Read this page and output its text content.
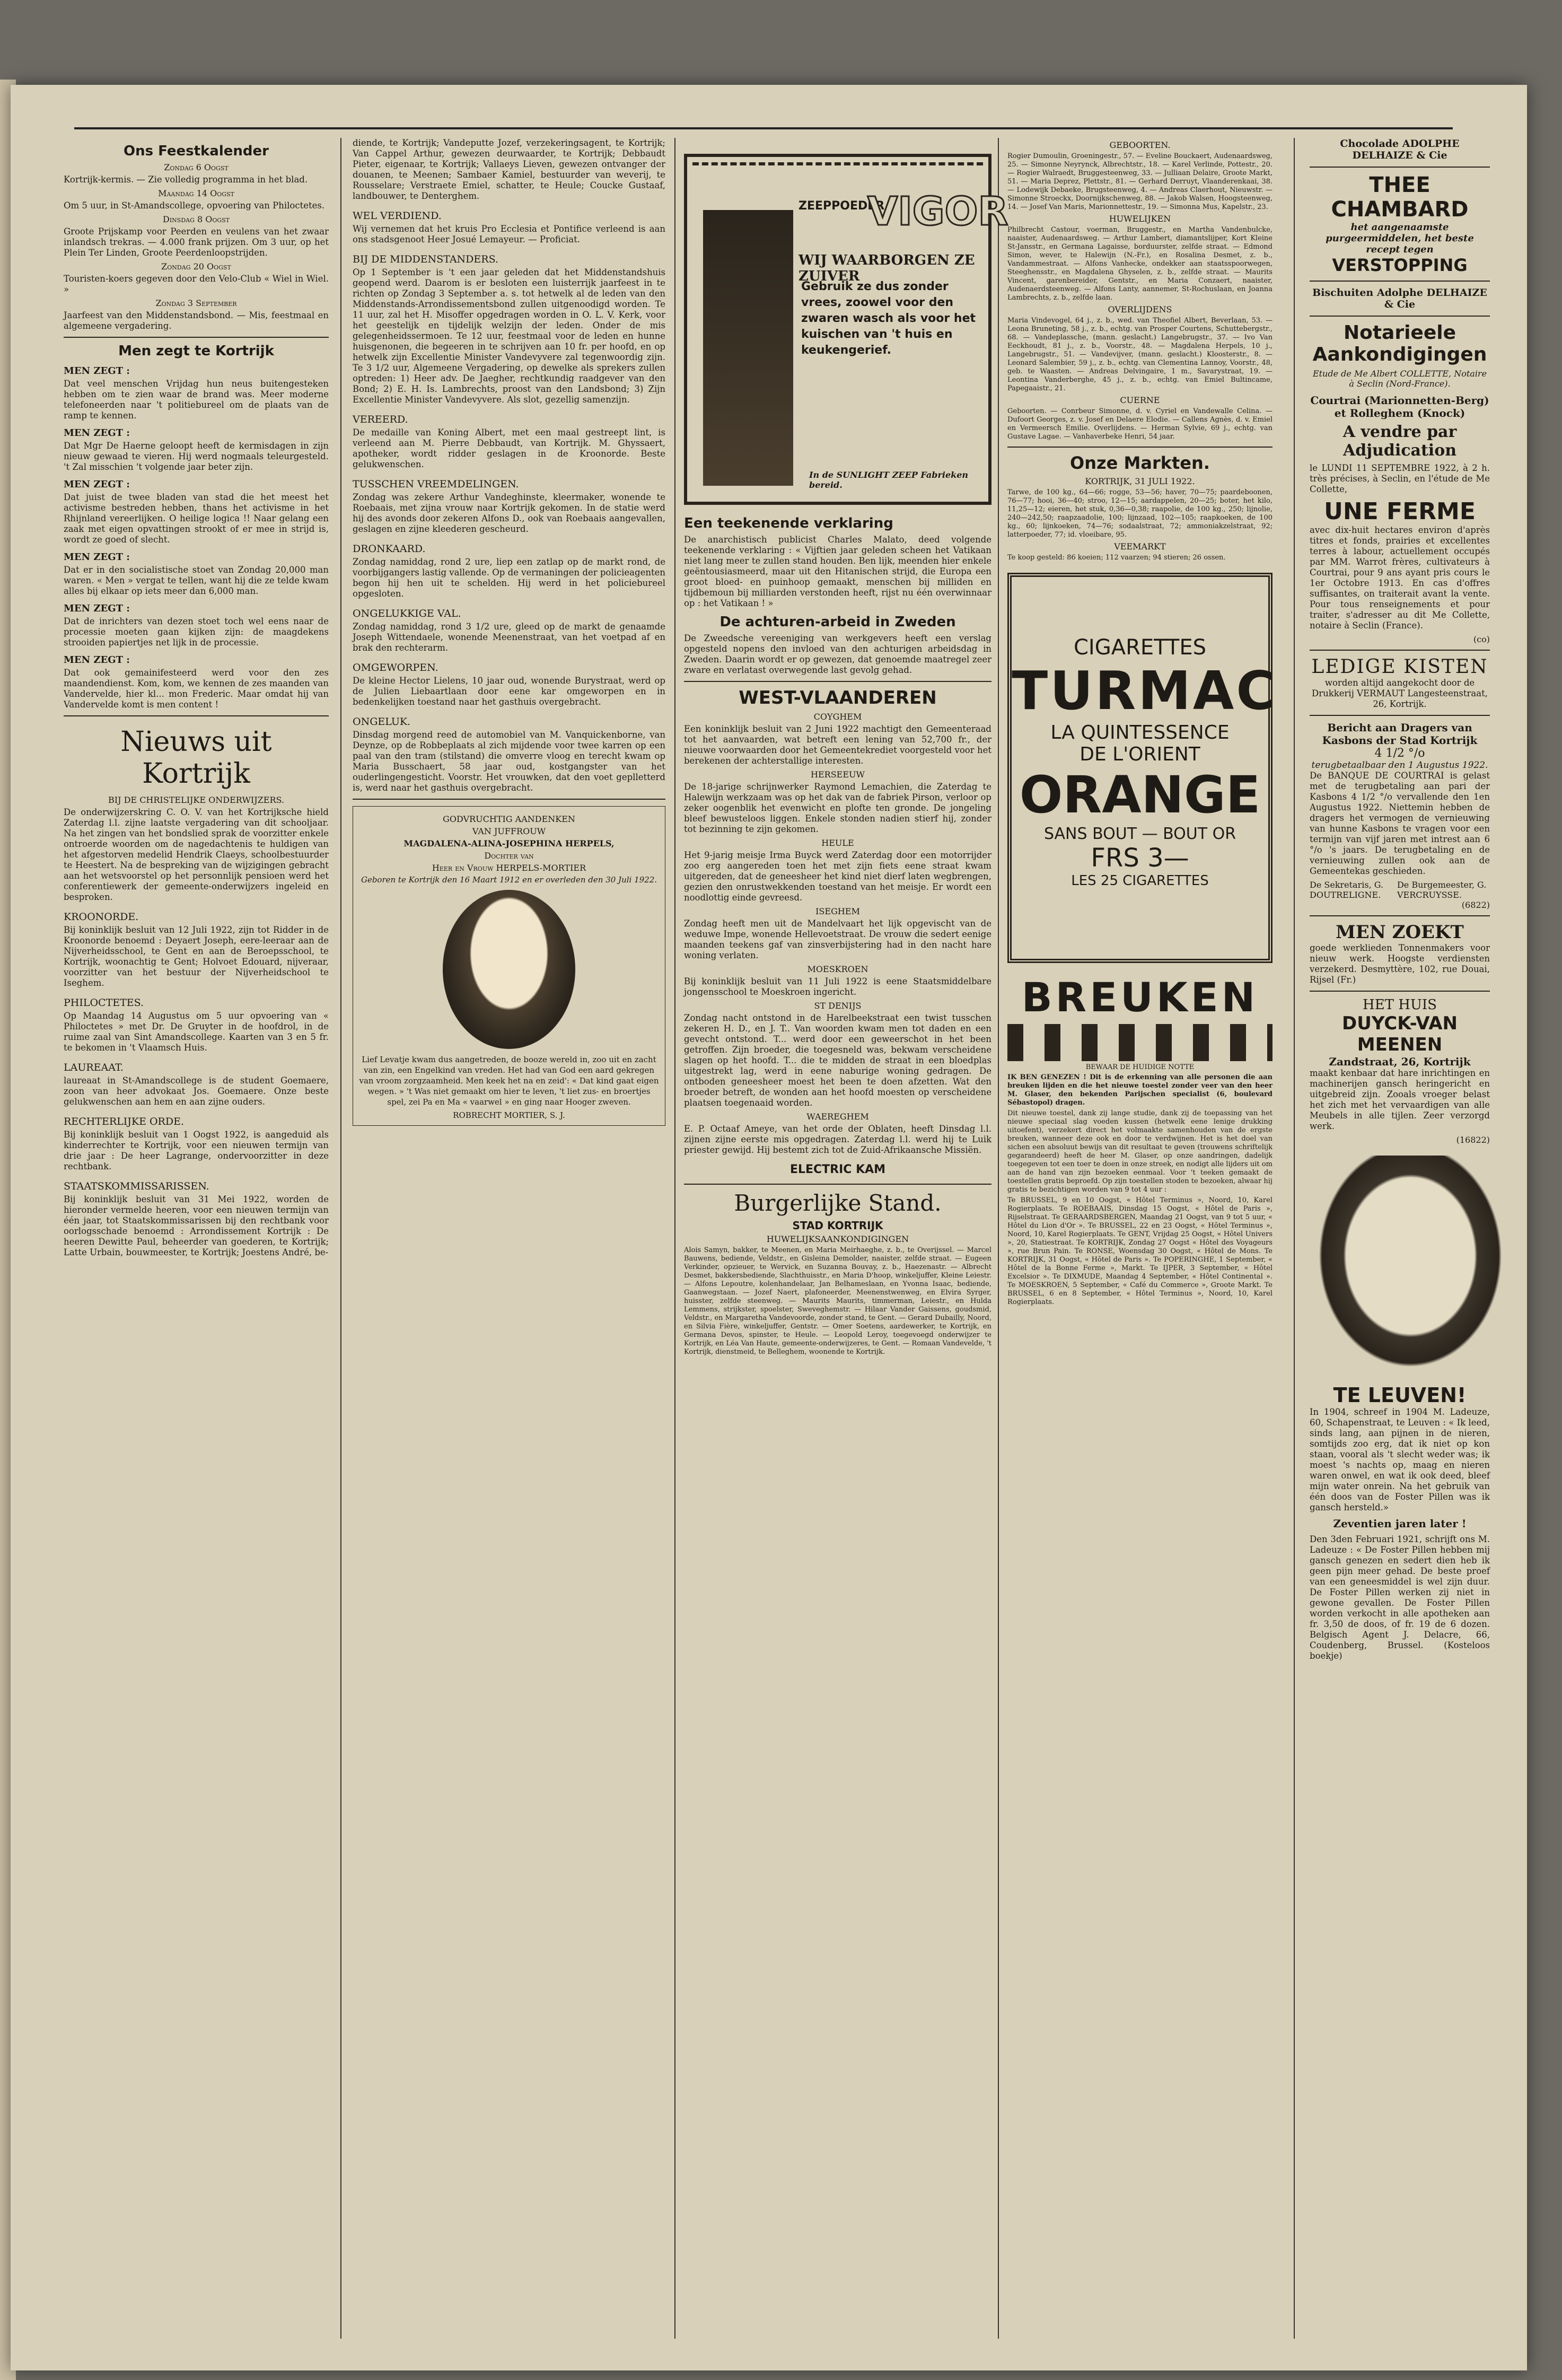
Ons Feestkalender
Zondag 6 Oogst

Kortrijk-kermis. — Zie volledig programma in het blad.

Maandag 14 Oogst

Om 5 uur, in St-Amandscollege, opvoering van Philoctetes.

Dinsdag 8 Oogst

Groote Prijskamp voor Peerden en veulens van het zwaar inlandsch trekras. — 4.000 frank prijzen. Om 3 uur, op het Plein Ter Linden, Groote Peerdenloopstrijden.

Zondag 20 Oogst

Touristen-koers gegeven door den Velo-Club « Wiel in Wiel. »

Zondag 3 September

Jaarfeest van den Middenstandsbond. — Mis, feestmaal en algemeene vergadering.

Men zegt te Kortrijk
MEN ZEGT :

Dat veel menschen Vrijdag hun neus buitengesteken hebben om te zien waar de brand was. Meer moderne telefoneerden naar 't politiebureel om de plaats van de ramp te kennen.

MEN ZEGT :

Dat Mgr De Haerne geloopt heeft de kermisdagen in zijn nieuw gewaad te vieren. Hij werd nogmaals teleurgesteld. 't Zal misschien 't volgende jaar beter zijn.

MEN ZEGT :

Dat juist de twee bladen van stad die het meest het activisme bestreden hebben, thans het activisme in het Rhijnland vereerlijken. O heilige logica !! Naar gelang een zaak met eigen opvattingen strookt of er mee in strijd is, wordt ze goed of slecht.

MEN ZEGT :

Dat er in den socialistische stoet van Zondag 20,000 man waren. « Men » vergat te tellen, want hij die ze telde kwam alles bij elkaar op iets meer dan 6,000 man.

MEN ZEGT :

Dat de inrichters van dezen stoet toch wel eens naar de processie moeten gaan kijken zijn: de maagdekens strooiden papiertjes net lijk in de processie.

MEN ZEGT :

Dat ook gemainifesteerd werd voor den zes maandendienst. Kom, kom, we kennen de zes maanden van Vandervelde, hier kl... mon Frederic. Maar omdat hij van Vandervelde komt is men content !

Nieuws uit Kortrijk
BIJ DE CHRISTELIJKE ONDERWIJZERS.

De onderwijzerskring C. O. V. van het Kortrijksche hield Zaterdag l.l. zijne laatste vergadering van dit schooljaar. Na het zingen van het bondslied sprak de voorzitter enkele ontroerde woorden om de nagedachtenis te huldigen van het afgestorven medelid Hendrik Claeys, schoolbestuurder te Heestert. Na de bespreking van de wijzigingen gebracht aan het wetsvoorstel op het personnlijk pensioen werd het conferentiewerk der gemeente-onderwijzers ingeleid en besproken.

KROONORDE.

Bij koninklijk besluit van 12 Juli 1922, zijn tot Ridder in de Kroonorde benoemd : Deyaert Joseph, eere-leeraar aan de Nijverheidsschool, te Gent en aan de Beroepsschool, te Kortrijk, woonachtig te Gent; Holvoet Edouard, nijveraar, voorzitter van het bestuur der Nijverheidschool te Iseghem.

PHILOCTETES.

Op Maandag 14 Augustus om 5 uur opvoering van « Philoctetes » met Dr. De Gruyter in de hoofdrol, in de ruime zaal van Sint Amandscollege. Kaarten van 3 en 5 fr. te bekomen in 't Vlaamsch Huis.

LAUREAAT.

laureaat in St-Amandscollege is de student Goemaere, zoon van heer advokaat Jos. Goemaere. Onze beste gelukwenschen aan hem en aan zijne ouders.

RECHTERLIJKE ORDE.

Bij koninklijk besluit van 1 Oogst 1922, is aangeduid als kinderrechter te Kortrijk, voor een nieuwen termijn van drie jaar : De heer Lagrange, ondervoorzitter in deze rechtbank.

STAATSKOMMISSARISSEN.

Bij koninklijk besluit van 31 Mei 1922, worden de hieronder vermelde heeren, voor een nieuwen termijn van één jaar, tot Staatskommissarissen bij den rechtbank voor oorlogsschade benoemd : Arrondissement Kortrijk : De heeren Dewitte Paul, beheerder van goederen, te Kortrijk; Latte Urbain, bouwmeester, te Kortrijk; Joestens André, be-

diende, te Kortrijk; Vandeputte Jozef, verzekeringsagent, te Kortrijk; Van Cappel Arthur, gewezen deurwaarder, te Kortrijk; Debbaudt Pieter, eigenaar, te Kortrijk; Vallaeys Lieven, gewezen ontvanger der douanen, te Meenen; Sambaer Kamiel, bestuurder van weverij, te Rousselare; Verstraete Emiel, schatter, te Heule; Coucke Gustaaf, landbouwer, te Denterghem.

WEL VERDIEND.

Wij vernemen dat het kruis Pro Ecclesia et Pontifice verleend is aan ons stadsgenoot Heer Josué Lemayeur. — Proficiat.

BIJ DE MIDDENSTANDERS.

Op 1 September is 't een jaar geleden dat het Middenstandshuis geopend werd. Daarom is er besloten een luisterrijk jaarfeest in te richten op Zondag 3 September a. s. tot hetwelk al de leden van den Middenstands-Arrondissementsbond zullen uitgenoodigd worden. Te 11 uur, zal het H. Misoffer opgedragen worden in O. L. V. Kerk, voor het geestelijk en tijdelijk welzijn der leden. Onder de mis gelegenheidssermoen. Te 12 uur, feestmaal voor de leden en hunne huisgenonen, die begeeren in te schrijven aan 10 fr. per hoofd, en op hetwelk zijn Excellentie Minister Vandevyvere zal tegenwoordig zijn. Te 3 1/2 uur, Algemeene Vergadering, op dewelke als sprekers zullen optreden: 1) Heer adv. De Jaegher, rechtkundig raadgever van den Bond; 2) E. H. Is. Lambrechts, proost van den Landsbond; 3) Zijn Excellentie Minister Vandevyvere. Als slot, gezellig samenzijn.

VEREERD.

De medaille van Koning Albert, met een maal gestreept lint, is verleend aan M. Pierre Debbaudt, van Kortrijk. M. Ghyssaert, apotheker, wordt ridder geslagen in de Kroonorde. Beste gelukwenschen.

TUSSCHEN VREEMDELINGEN.

Zondag was zekere Arthur Vandeghinste, kleermaker, wonende te Roebaais, met zijna vrouw naar Kortrijk gekomen. In de statie werd hij des avonds door zekeren Alfons D., ook van Roebaais aangevallen, geslagen en zijne kleederen gescheurd.

DRONKAARD.

Zondag namiddag, rond 2 ure, liep een zatlap op de markt rond, de voorbijgangers lastig vallende. Op de vermaningen der policieagenten begon hij hen uit te schelden. Hij werd in het policiebureel opgesloten.

ONGELUKKIGE VAL.

Zondag namiddag, rond 3 1/2 ure, gleed op de markt de genaamde Joseph Wittendaele, wonende Meenenstraat, van het voetpad af en brak den rechterarm.

OMGEWORPEN.

De kleine Hector Lielens, 10 jaar oud, wonende Burystraat, werd op de Julien Liebaartlaan door eene kar omgeworpen en in bedenkelijken toestand naar het gasthuis overgebracht.

ONGELUK.

Dinsdag morgend reed de automobiel van M. Vanquickenborne, van Deynze, op de Robbeplaats al zich mijdende voor twee karren op een paal van den tram (stilstand) die omverre vloog en terecht kwam op Maria Busschaert, 58 jaar oud, kostgangster van het ouderlingengesticht. Voorstr. Het vrouwken, dat den voet geplletterd is, werd naar het gasthuis overgebracht.

GODVRUCHTIG AANDENKEN
VAN JUFFROUW
MAGDALENA-ALINA-JOSEPHINA HERPELS,
Dochter van
Heer en Vrouw HERPELS-MORTIER
Geboren te Kortrijk den 16 Maart 1912 en er overleden den 30 Juli 1922.

Lief Levatje kwam dus aangetreden, de booze wereld in, zoo uit en zacht van zin, een Engelkind van vreden. Het had van God een aard gekregen van vroom zorgzaamheid. Men keek het na en zeid': « Dat kind gaat eigen wegen. » 't Was niet gemaakt om hier te leven, 't liet zus- en broertjes spel, zei Pa en Ma « vaarwel » en ging naar Hooger zweven.

ROBRECHT MORTIER, S. J.
ZEEPPOEDER
VIGOR
WIJ WAARBORGEN ZE ZUIVER
Gebruik ze dus zonder vrees, zoowel voor den zwaren wasch als voor het kuischen van 't huis en keukengerief.
In de SUNLIGHT ZEEP Fabrieken bereid.
Een teekenende verklaring

De anarchistisch publicist Charles Malato, deed volgende teekenende verklaring : « Vijftien jaar geleden scheen het Vatikaan niet lang meer te zullen stand houden. Ben lijk, meenden hier enkele geëntousiasmeerd, maar uit den Hitanischen strijd, die Europa een groot bloed- en puinhoop gemaakt, menschen bij milliden en tijdbemoun bij milliarden verstonden heeft, rijst nu één overwinnaar op : het Vatikaan ! »

De achturen-arbeid in Zweden

De Zweedsche vereeniging van werkgevers heeft een verslag opgesteld nopens den invloed van den achturigen arbeidsdag in Zweden. Daarin wordt er op gewezen, dat genoemde maatregel zeer zware en verlatast overwegende last gevolg gehad.

WEST-VLAANDEREN
COYGHEM

Een koninklijk besluit van 2 Juni 1922 machtigt den Gemeenteraad tot het aanvaarden, wat betreft een lening van 52,700 fr., der nieuwe voorwaarden door het Gemeentekrediet voorgesteld voor het berekenen der achterstallige interesten.

HERSEEUW

De 18-jarige schrijnwerker Raymond Lemachien, die Zaterdag te Halewijn werkzaam was op het dak van de fabriek Pirson, verloor op zeker oogenblik het evenwicht en plofte ten gronde. De jongeling bleef bewusteloos liggen. Enkele stonden nadien stierf hij, zonder tot bezinning te zijn gekomen.

HEULE

Het 9-jarig meisje Irma Buyck werd Zaterdag door een motorrijder zoo erg aangereden toen het met zijn fiets eene straat kwam uitgereden, dat de geneesheer het kind niet dierf laten wegbrengen, gezien den onrustwekkenden toestand van het meisje. Er wordt een noodlottig einde gevreesd.

ISEGHEM

Zondag heeft men uit de Mandelvaart het lijk opgevischt van de weduwe Impe, wonende Hellevoetstraat. De vrouw die sedert eenige maanden teekens gaf van zinsverbijstering had in den nacht hare woning verlaten.

MOESKROEN

Bij koninklijk besluit van 11 Juli 1922 is eene Staatsmiddelbare jongensschool te Moeskroen ingericht.

ST DENIJS

Zondag nacht ontstond in de Harelbeekstraat een twist tusschen zekeren H. D., en J. T.. Van woorden kwam men tot daden en een gevecht ontstond. T... werd door een geweerschot in het been getroffen. Zijn broeder, die toegesneld was, bekwam verscheidene slagen op het hoofd. T... die te midden de straat in een bloedplas uitgestrekt lag, werd in eene naburige woning gedragen. De ontboden geneesheer moest het been te doen afzetten. Wat den broeder betreft, de wonden aan het hoofd moesten op verscheidene plaatsen toegenaaid worden.

WAEREGHEM

E. P. Octaaf Ameye, van het orde der Oblaten, heeft Dinsdag l.l. zijnen zijne eerste mis opgedragen. Zaterdag l.l. werd hij te Luik priester gewijd. Hij bestemt zich tot de Zuid-Afrikaansche Missiën.

ELECTRIC KAM
Burgerlijke Stand.
STAD KORTRIJK
HUWELIJKSAANKONDIGINGEN

Alois Samyn, bakker, te Meenen, en Maria Meirhaeghe, z. b., te Overijssel. — Marcel Bauwens, bediende, Veldstr., en Gisleina Demolder, naaister, zelfde straat. — Eugeen Verkinder, opzieuer, te Wervick, en Suzanna Bouvay, z. b., Haezenastr. — Albrecht Desmet, bakkersbediende, Slachthuisstr., en Maria D'hoop, winkeljuffer, Kleine Leiestr. — Alfons Lepoutre, kolenhandelaar, Jan Belhameslaan, en Yvonna Isaac, bediende, Gaanwegstaan. — Jozef Naert, plafoneerder, Meenenstwenweg, en Elvira Syrger, huisster, zelfde steenweg. — Maurits Maurits, timmerman, Leiestr., en Hulda Lemmens, strijkster, spoelster, Sweveghemstr. — Hilaar Vander Gaissens, goudsmid, Veldstr., en Margaretha Vandevoorde, zonder stand, te Gent. — Gerard Dubailly, Noord, en Silvia Fière, winkeljuffer, Gentstr. — Omer Soetens, aardewerker, te Kortrijk, en Germana Devos, spinster, te Heule. — Leopold Leroy, toegevoegd onderwijzer te Kortrijk, en Léa Van Haute, gemeente-onderwijzeres, te Gent. — Romaan Vandevelde, 't Kortrijk, dienstmeid, te Belleghem, woonende te Kortrijk.

GEBOORTEN.

Rogier Dumoulin, Groeningestr., 57. — Eveline Bouckaert, Audenaardsweg, 25. — Simonne Neyrynck, Albrechtstr., 18. — Karel Verlinde, Pottestr., 20. — Rogier Walraedt, Bruggesteenweg, 33. — Julliaan Delaire, Groote Markt, 51. — Maria Deprez, Plettstr., 81. — Gerhard Derruyt, Vlaanderenkaai, 38. — Lodewijk Debaeke, Brugsteenweg, 4. — Andreas Claerhout, Nieuwstr. — Simonne Stroeckx, Doornijkschenweg, 88. — Jakob Walsen, Hoogsteenweg, 14. — Josef Van Maris, Marionnettestr., 19. — Simonna Mus, Kapelstr., 23.

HUWELIJKEN

Philbrecht Castour, voerman, Bruggestr., en Martha Vandenbulcke, naaister, Audenaardsweg. — Arthur Lambert, diamantslijper, Kort Kleine St-Jansstr., en Germana Lagaisse, borduurster, zelfde straat. — Edmond Simon, wever, te Halewijn (N.-Fr.), en Rosalina Desmet, z. b., Vandammestraat. — Alfons Vanhecke, ondekker aan staatsspoorwegen, Steeghensstr., en Magdalena Ghyselen, z. b., zelfde straat. — Maurits Vincent, garenbereider, Gentstr., en Maria Conzaert, naaister, Audenaerdsteenweg. — Alfons Lanty, aannemer, St-Rochuslaan, en Joanna Lambrechts, z. b., zelfde laan.

OVERLIJDENS

Maria Vindevogel, 64 j., z. b., wed. van Theofiel Albert, Beverlaan, 53. — Leona Bruneting, 58 j., z. b., echtg. van Prosper Courtens, Schuttebergstr., 68. — Vandeplassche, (mann. geslacht.) Langebrugstr., 37. — Ivo Van Eeckhoudt, 81 j., z. b., Voorstr., 48. — Magdalena Herpels, 10 j., Langebrugstr., 51. — Vandevijver, (mann. geslacht.) Kloosterstr., 8. — Leonard Salembier, 59 j., z. b., echtg. van Clementina Lannoy, Voorstr., 48, geb. te Waasten. — Andreas Delvingaire, 1 m., Savarystraat, 19. — Leontina Vanderberghe, 45 j., z. b., echtg. van Emiel Bultincame, Papegaaistr., 21.

CUERNE

Geboorten. — Conrbeur Simonne, d. v. Cyriel en Vandewalle Celina. — Dufoort Georges, z. v. Josef en Delaere Elodie. — Callens Agnès, d. v. Emiel en Vermeersch Emilie. Overlijdens. — Herman Sylvie, 69 j., echtg. van Gustave Lagae. — Vanhaverbeke Henri, 54 jaar.

Onze Markten.
KORTRIJK, 31 JULI 1922.

Tarwe, de 100 kg., 64—66; rogge, 53—56; haver, 70—75; paardeboonen, 76—77; hooi, 36—40; stroo, 12—15; aardappelen, 20—25; boter, het kilo, 11,25—12; eieren, het stuk, 0,36—0,38; raapolie, de 100 kg., 250; lijnolie, 240—242,50; raapzaadolie, 100; lijnzaad, 102—105; raapkoeken, de 100 kg., 60; lijnkoeken, 74—76; sodaalstraat, 72; ammoniakzelstraat, 92; latterpoeder, 77; id. vloeibare, 95.

VEEMARKT

Te koop gesteld: 86 koeien; 112 vaarzen; 94 stieren; 26 ossen.

CIGARETTES
TURMAC
LA QUINTESSENCE
DE L'ORIENT
ORANGE
SANS BOUT — BOUT OR
FRS 3—
LES 25 CIGARETTES
BREUKEN
BEWAAR DE HUIDIGE NOTTE

IK BEN GENEZEN ! Dit is de erkenning van alle personen die aan breuken lijden en die het nieuwe toestel zonder veer van den heer M. Glaser, den bekenden Parijschen specialist (6, boulevard Sébastopol) dragen.

Dit nieuwe toestel, dank zij lange studie, dank zij de toepassing van het nieuwe speciaal slag voeden kussen (hetwelk eene lenige drukking uitoefent), verzekert direct het volmaakte samenhouden van de ergste breuken, wanneer deze ook en door te verdwijnen. Het is het doel van sichen een absoluut bewijs van dit resultaat te geven (trouwens schriftelijk gegarandeerd) heeft de heer M. Glaser, op onze aandringen, dadelijk toegegeven tot een toer te doen in onze streek, en nodigt alle lijders uit om aan de hand van zijn bezoeken eenmaal. Voor 't teeken gemaakt de toestellen gratis beproefd. Op zijn toestellen stoden te bezoeken, alwaar hij gratis te bezichtigen worden van 9 tot 4 uur :

Te BRUSSEL, 9 en 10 Oogst, « Hôtel Terminus », Noord, 10, Karel Rogierplaats. Te ROEBAAIS, Dinsdag 15 Oogst, « Hôtel de Paris », Rijselstraat. Te GERAARDSBERGEN, Maandag 21 Oogst, van 9 tot 5 uur, « Hôtel du Lion d'Or ». Te BRUSSEL, 22 en 23 Oogst, « Hôtel Terminus », Noord, 10, Karel Rogierplaats. Te GENT, Vrijdag 25 Oogst, « Hôtel Univers », 20, Statiestraat. Te KORTRIJK, Zondag 27 Oogst « Hôtel des Voyageurs », rue Brun Pain. Te RONSE, Woensdag 30 Oogst, « Hôtel de Mons. Te KORTRIJK, 31 Oogst, « Hôtel de Paris ». Te POPERINGHE, 1 September, « Hôtel de la Bonne Ferme », Markt. Te IJPER, 3 September, « Hôtel Excelsior ». Te DIXMUDE, Maandag 4 September, « Hôtel Continental ». Te MOESKROEN, 5 September, « Café du Commerce », Groote Markt. Te BRUSSEL, 6 en 8 September, « Hôtel Terminus », Noord, 10, Karel Rogierplaats.

Chocolade ADOLPHE DELHAIZE & Cie
THEE CHAMBARD
het aangenaamste purgeermiddelen, het beste recept tegen
VERSTOPPING
Bischuiten Adolphe DELHAIZE & Cie
Notarieele Aankondigingen
Etude de Me Albert COLLETTE, Notaire à Seclin (Nord-France).
Courtrai (Marionnetten-Berg) et Rolleghem (Knock)
A vendre par Adjudication

le LUNDI 11 SEPTEMBRE 1922, à 2 h. très précises, à Seclin, en l'étude de Me Collette,

UNE FERME

avec dix-huit hectares environ d'après titres et fonds, prairies et excellentes terres à labour, actuellement occupés par MM. Warrot frères, cultivateurs à Courtrai, pour 9 ans ayant pris cours le 1er Octobre 1913. En cas d'offres suffisantes, on traiterait avant la vente. Pour tous renseignements et pour traiter, s'adresser au dit Me Collette, notaire à Seclin (France).

(co)
LEDIGE KISTEN

worden altijd aangekocht door de Drukkerij VERMAUT Langesteenstraat, 26, Kortrijk.

Bericht aan Dragers van Kasbons der Stad Kortrijk
4 1/2 °/o
terugbetaalbaar den 1 Augustus 1922.

De BANQUE DE COURTRAI is gelast met de terugbetaling aan pari der Kasbons 4 1/2 °/o vervallende den 1en Augustus 1922. Niettemin hebben de dragers het vermogen de vernieuwing van hunne Kasbons te vragen voor een termijn van vijf jaren met intrest aan 6 °/o 's jaars. De terugbetaling en de vernieuwing zullen ook aan de Gemeentekas geschieden.

De Sekretaris, G. DOUTRELIGNE.
De Burgemeester, G. VERCRUYSSE.
(6822)
MEN ZOEKT

goede werklieden Tonnenmakers voor nieuw werk. Hoogste verdiensten verzekerd. Desmyttère, 102, rue Douai, Rijsel (Fr.)

HET HUIS
DUYCK-VAN MEENEN
Zandstraat, 26, Kortrijk

maakt kenbaar dat hare inrichtingen en machinerijen gansch heringericht en uitgebreid zijn. Zooals vroeger belast het zich met het vervaardigen van alle Meubels in alle tijlen. Zeer verzorgd werk.

(16822)
TE LEUVEN!

In 1904, schreef in 1904 M. Ladeuze, 60, Schapenstraat, te Leuven : « Ik leed, sinds lang, aan pijnen in de nieren, somtijds zoo erg, dat ik niet op kon staan, vooral als 't slecht weder was; ik moest 's nachts op, maag en nieren waren onwel, en wat ik ook deed, bleef mijn water onrein. Na het gebruik van één doos van de Foster Pillen was ik gansch hersteld.»

Zeventien jaren later !

Den 3den Februari 1921, schrijft ons M. Ladeuze : « De Foster Pillen hebben mij gansch genezen en sedert dien heb ik geen pijn meer gehad. De beste proef van een geneesmiddel is wel zijn duur. De Foster Pillen werken zij niet in gewone gevallen. De Foster Pillen worden verkocht in alle apotheken aan fr. 3,50 de doos, of fr. 19 de 6 dozen. Belgisch Agent J. Delacre, 66, Coudenberg, Brussel. (Kosteloos boekje)
